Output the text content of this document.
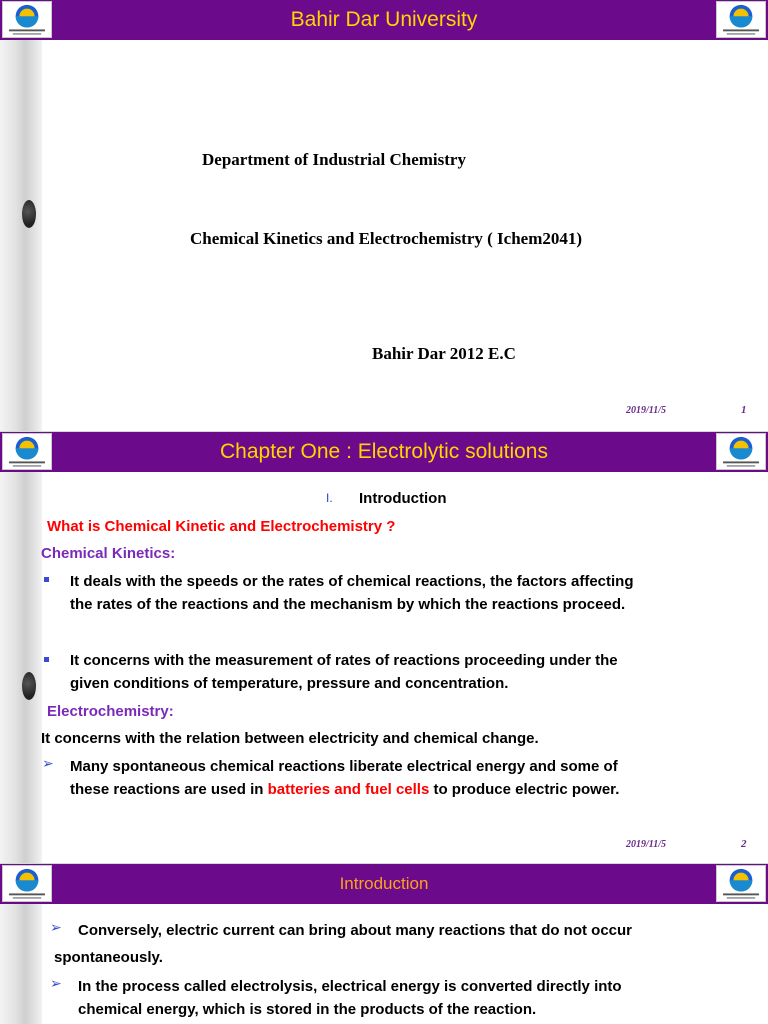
Bahir Dar University
Department of Industrial Chemistry
Chemical Kinetics and Electrochemistry ( Ichem2041)
Bahir Dar 2012 E.C
2019/11/5	1
Chapter One : Electrolytic solutions
I. Introduction
What is Chemical Kinetic and Electrochemistry ?
Chemical Kinetics:
It deals with the speeds or the rates of chemical reactions, the factors affecting
the rates of the reactions and the mechanism by which the reactions proceed.
It concerns with the measurement of rates of reactions proceeding under the
given conditions of temperature, pressure and concentration.
Electrochemistry:
It concerns with the relation between electricity and chemical change.
➢ Many spontaneous chemical reactions liberate electrical energy and some of
these reactions are used in batteries and fuel cells to produce electric power.
2019/11/5	2
Introduction
➢ Conversely, electric current can bring about many reactions that do not occur
spontaneously.
➢ In the process called electrolysis, electrical energy is converted directly into
chemical energy, which is stored in the products of the reaction.
